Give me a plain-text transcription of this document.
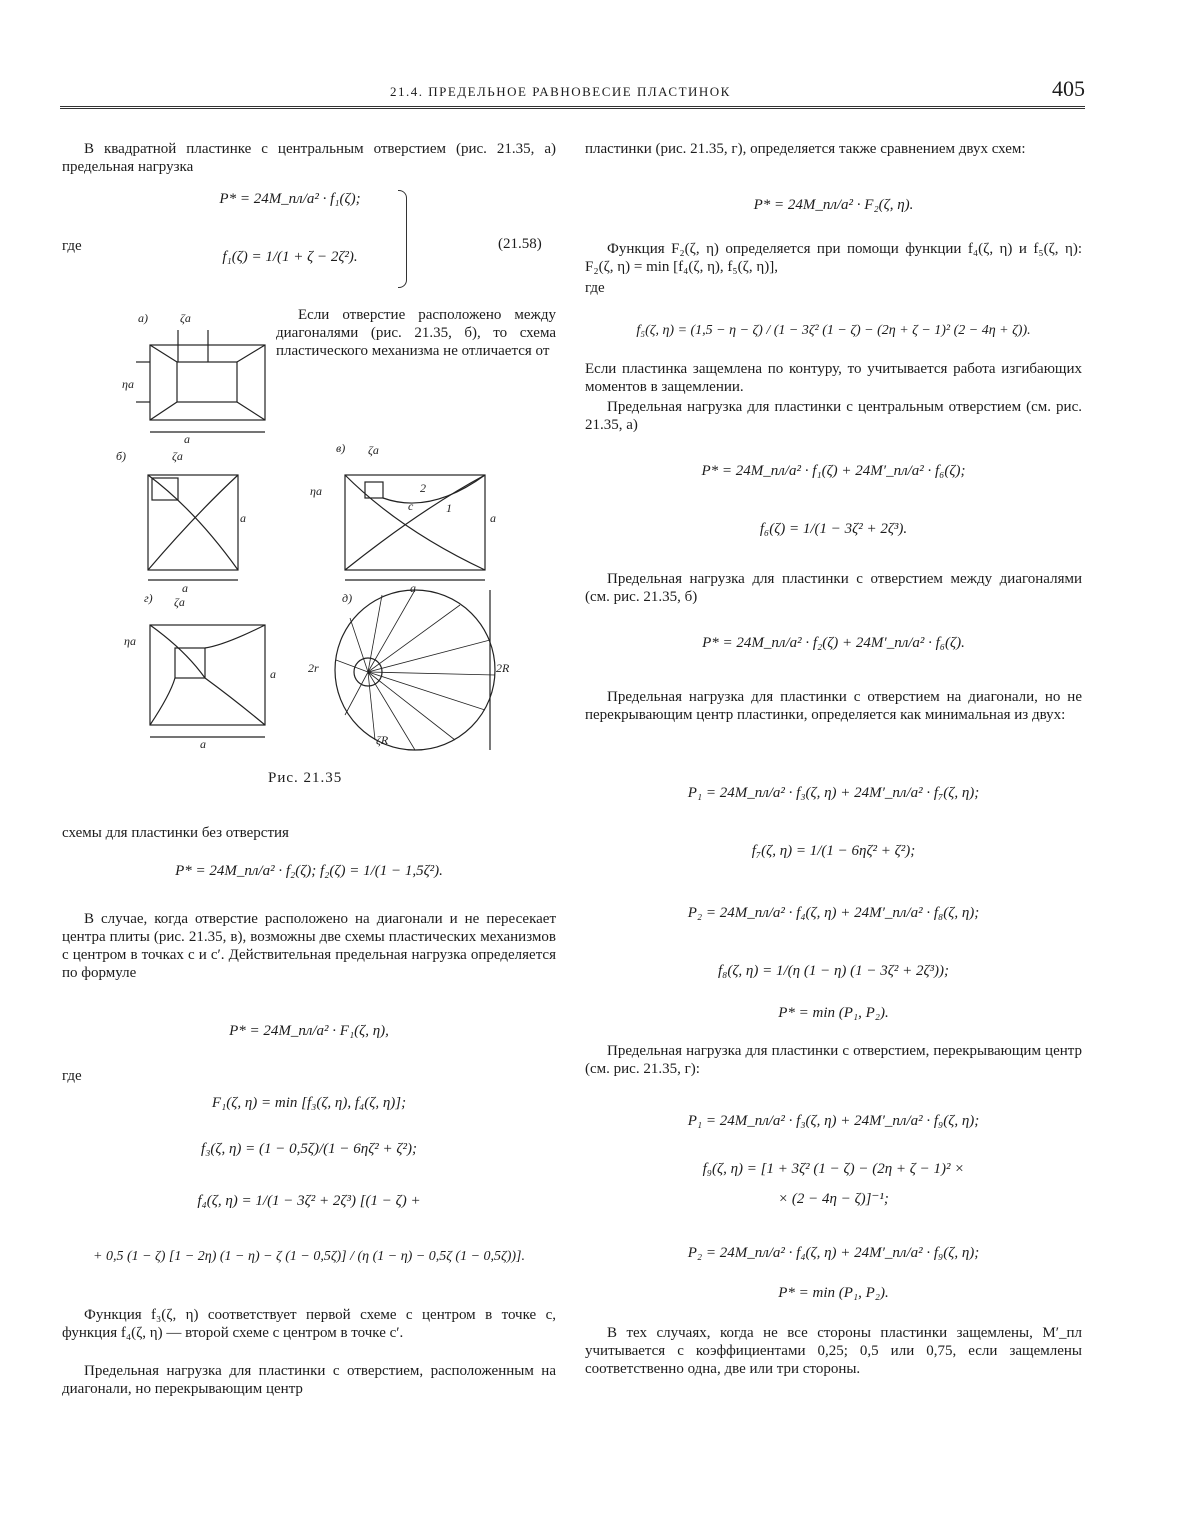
21.4. ПРЕДЕЛЬНОЕ РАВНОВЕСИЕ ПЛАСТИНОК	405

В квадратной пластинке с центральным отверстием (рис. 21.35, a) предельная нагрузка

P* = 24M_пл/a² · f₁(ζ);
где
f₁(ζ) = 1/(1 + ζ − 2ζ²).
(21.58)

Если отверстие расположено между диагоналями (рис. 21.35, б), то схема пластического механизма не отличается от

а)	ζa
a
ηa
б)	ζa
a
a
в) ζa
2
1
c
a
ηa
a
г) ζa
a
ηa
a
д)
2R
2r
ζR
Рис. 21.35

схемы для пластинки без отверстия

P* = 24M_пл/a² · f₂(ζ); f₂(ζ) = 1/(1 − 1,5ζ²).

В случае, когда отверстие расположено на диагонали и не пересекает центра плиты (рис. 21.35, в), возможны две схемы пластических механизмов с центром в точках c и c′. Действительная предельная нагрузка определяется по формуле

P* = 24M_пл/a² · F₁(ζ, η),
где
F₁(ζ, η) = min [f₃(ζ, η), f₄(ζ, η)];
f₃(ζ, η) = (1 − 0,5ζ)/(1 − 6ηζ² + ζ²);
f₄(ζ, η) = 1/(1 − 3ζ² + 2ζ³) [(1 − ζ) +
+ 0,5 (1 − ζ) [1 − 2η) (1 − η) − ζ (1 − 0,5ζ)] / (η (1 − η) − 0,5ζ (1 − 0,5ζ))].

Функция f₃(ζ, η) соответствует первой схеме с центром в точке c, функция f₄(ζ, η) — второй схеме с центром в точке c′.

Предельная нагрузка для пластинки с отверстием, расположенным на диагонали, но перекрывающим центр

пластинки (рис. 21.35, г), определяется также сравнением двух схем:

P* = 24M_пл/a² · F₂(ζ, η).

Функция F₂(ζ, η) определяется при помощи функции f₄(ζ, η) и f₅(ζ, η): F₂(ζ, η) = min [f₄(ζ, η), f₅(ζ, η)],

где
f₅(ζ, η) = (1,5 − η − ζ) / (1 − 3ζ² (1 − ζ) − (2η + ζ − 1)² (2 − 4η + ζ)).

Если пластинка защемлена по контуру, то учитывается работа изгибающих моментов в защемлении.

Предельная нагрузка для пластинки с центральным отверстием (см. рис. 21.35, a)

P* = 24M_пл/a² · f₁(ζ) + 24M′_пл/a² · f₆(ζ);
f₆(ζ) = 1/(1 − 3ζ² + 2ζ³).

Предельная нагрузка для пластинки с отверстием между диагоналями (см. рис. 21.35, б)

P* = 24M_пл/a² · f₂(ζ) + 24M′_пл/a² · f₆(ζ).

Предельная нагрузка для пластинки с отверстием на диагонали, но не перекрывающим центр пластинки, определяется как минимальная из двух:

P₁ = 24M_пл/a² · f₃(ζ, η) + 24M′_пл/a² · f₇(ζ, η);
f₇(ζ, η) = 1/(1 − 6ηζ² + ζ²);
P₂ = 24M_пл/a² · f₄(ζ, η) + 24M′_пл/a² · f₈(ζ, η);
f₈(ζ, η) = 1/(η (1 − η) (1 − 3ζ² + 2ζ³));
P* = min (P₁, P₂).

Предельная нагрузка для пластинки с отверстием, перекрывающим центр (см. рис. 21.35, г):

P₁ = 24M_пл/a² · f₃(ζ, η) + 24M′_пл/a² · f₉(ζ, η);
f₉(ζ, η) = [1 + 3ζ² (1 − ζ) − (2η + ζ − 1)² ×
× (2 − 4η − ζ)]⁻¹;
P₂ = 24M_пл/a² · f₄(ζ, η) + 24M′_пл/a² · f₉(ζ, η);
P* = min (P₁, P₂).

В тех случаях, когда не все стороны пластинки защемлены, M′_пл учитывается с коэффициентами 0,25; 0,5 или 0,75, если защемлены соответственно одна, две или три стороны.
